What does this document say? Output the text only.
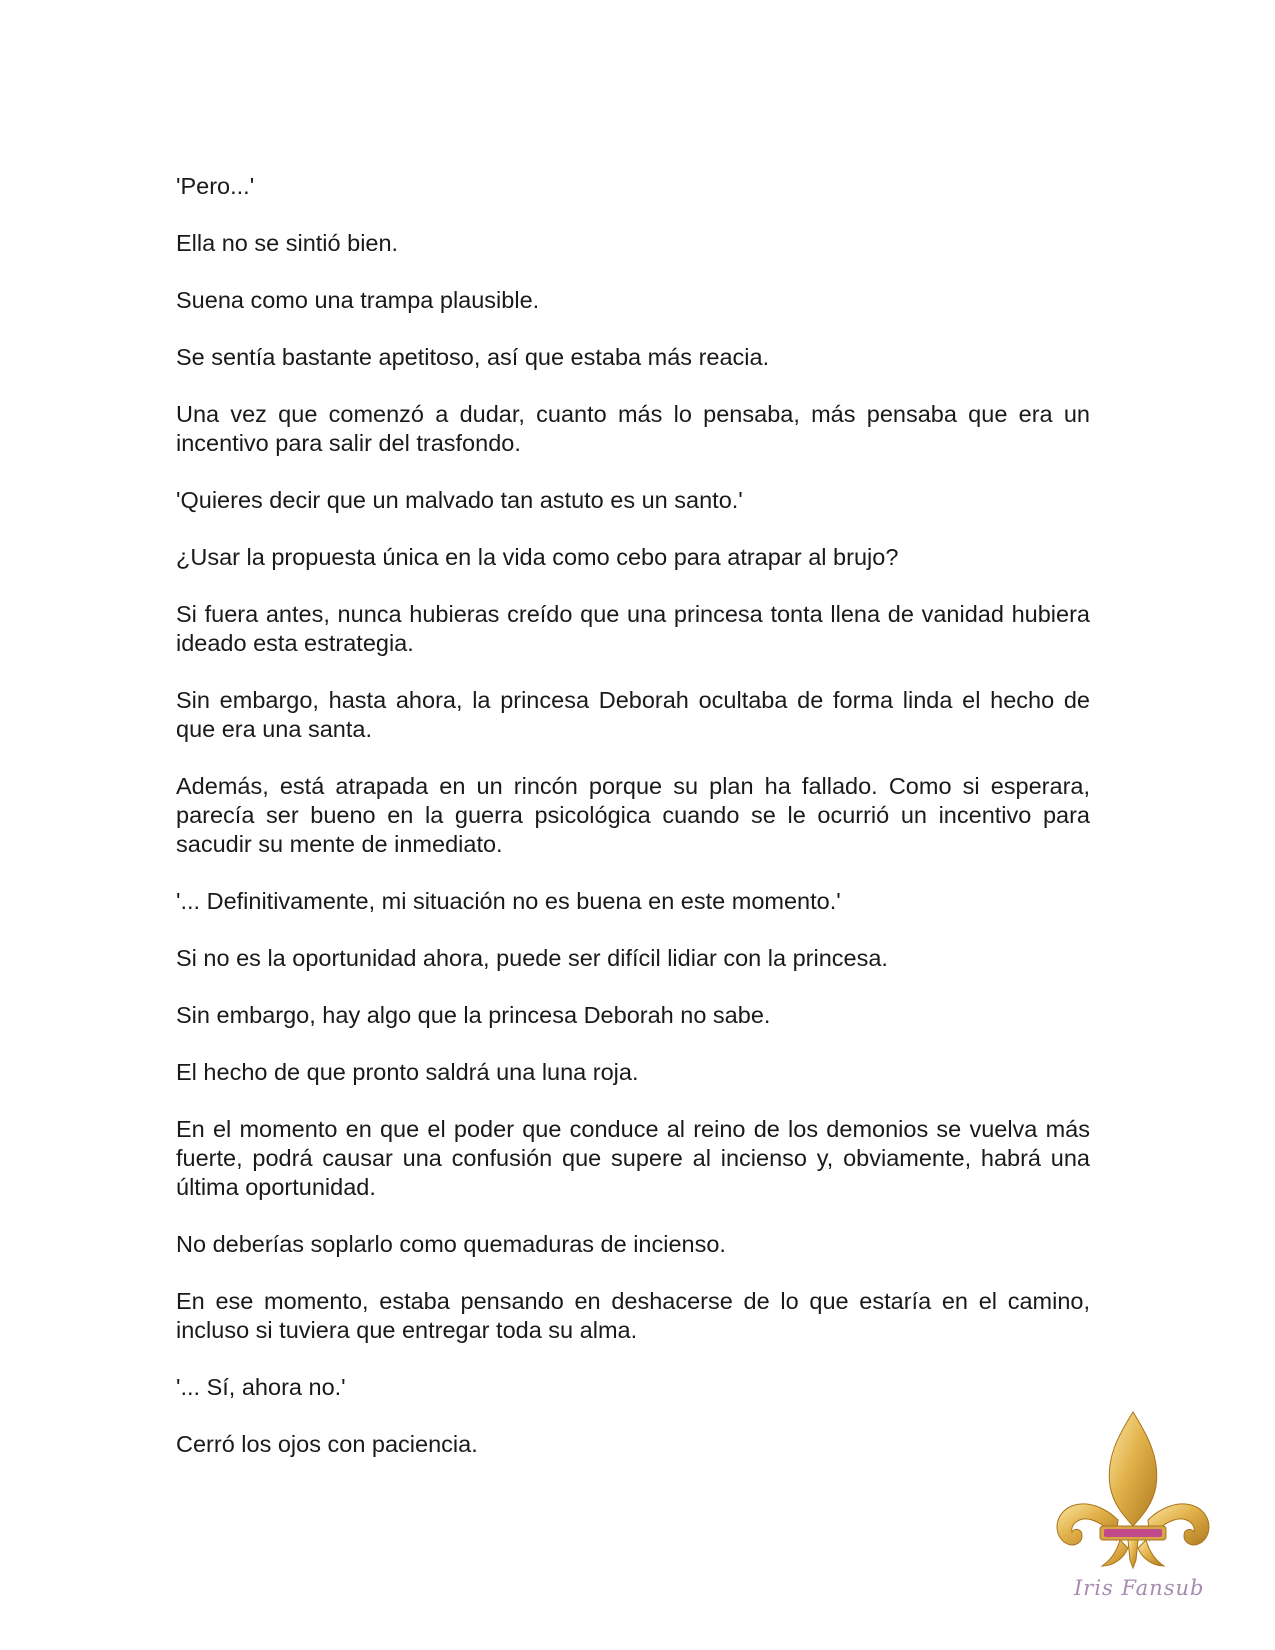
'Pero...'

Ella no se sintió bien.

Suena como una trampa plausible.

Se sentía bastante apetitoso, así que estaba más reacia.

Una vez que comenzó a dudar, cuanto más lo pensaba, más pensaba que era un incentivo para salir del trasfondo.

'Quieres decir que un malvado tan astuto es un santo.'

¿Usar la propuesta única en la vida como cebo para atrapar al brujo?

Si fuera antes, nunca hubieras creído que una princesa tonta llena de vanidad hubiera ideado esta estrategia.

Sin embargo, hasta ahora, la princesa Deborah ocultaba de forma linda el hecho de que era una santa.

Además, está atrapada en un rincón porque su plan ha fallado. Como si esperara, parecía ser bueno en la guerra psicológica cuando se le ocurrió un incentivo para sacudir su mente de inmediato.

'... Definitivamente, mi situación no es buena en este momento.'

Si no es la oportunidad ahora, puede ser difícil lidiar con la princesa.

Sin embargo, hay algo que la princesa Deborah no sabe.

El hecho de que pronto saldrá una luna roja.

En el momento en que el poder que conduce al reino de los demonios se vuelva más fuerte, podrá causar una confusión que supere al incienso y, obviamente, habrá una última oportunidad.

No deberías soplarlo como quemaduras de incienso.

En ese momento, estaba pensando en deshacerse de lo que estaría en el camino, incluso si tuviera que entregar toda su alma.

'... Sí, ahora no.'

Cerró los ojos con paciencia.

Iris Fansub
